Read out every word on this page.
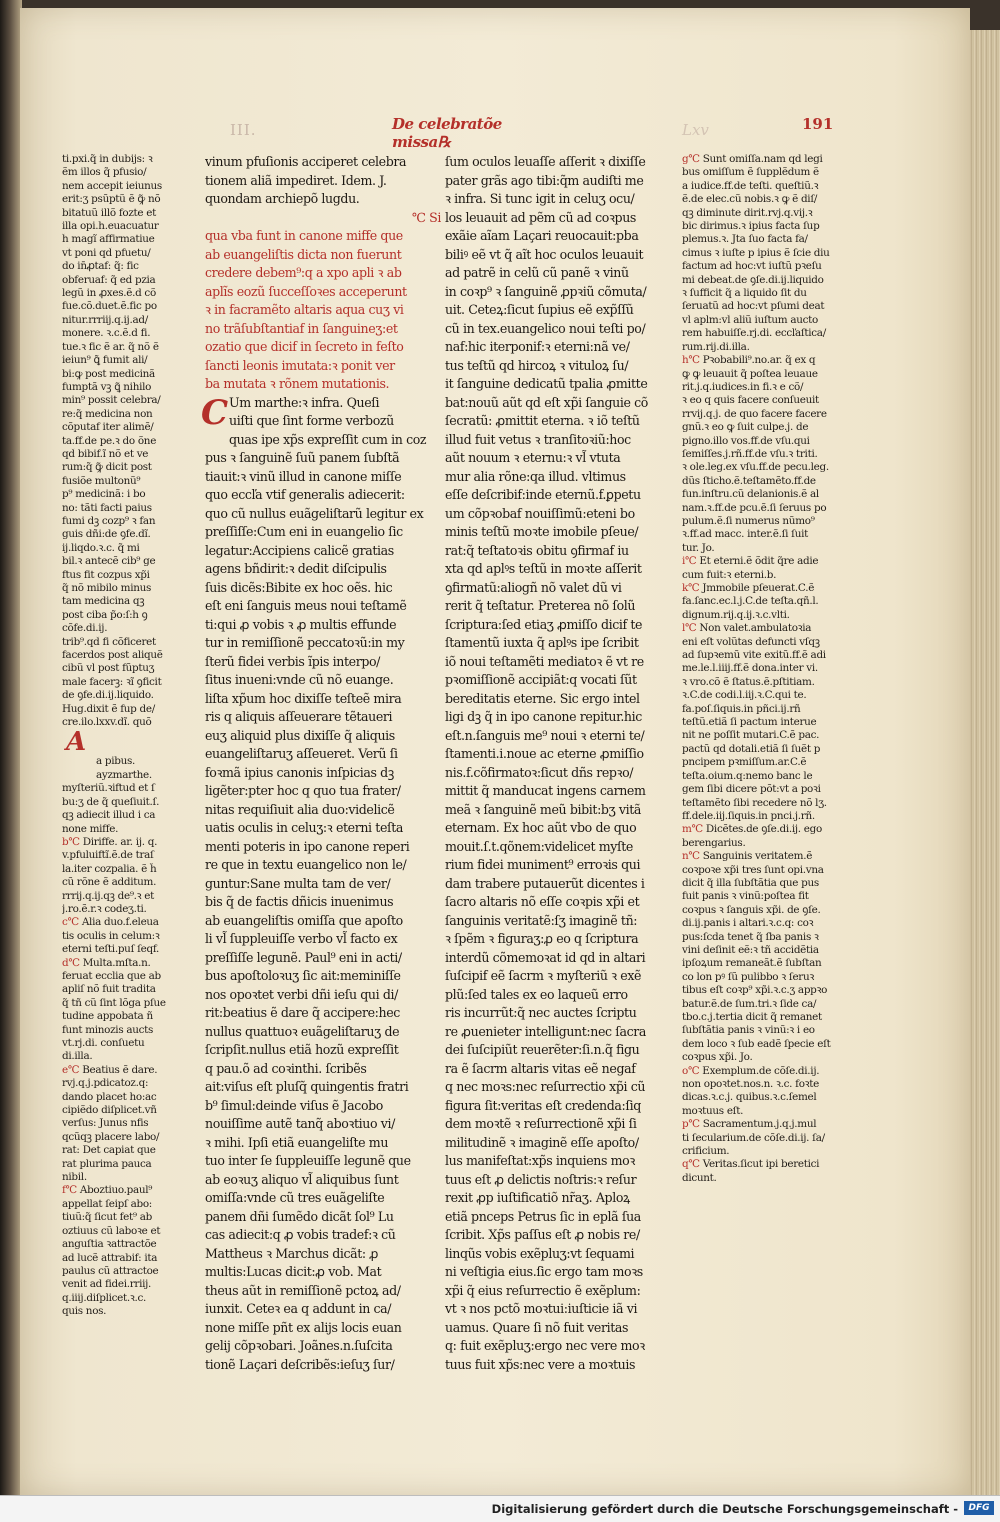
III.	De celebratõe missa℞
Lxv	191
ti.pxi.q̃ in dubijs: ꝛ
ẽm illos q̃ pfusio/
nem accepit ieiunus
erit:ʒ psũptũ ẽ ꝙ̃ nõ
bitatuũ illõ fozte et
illa opi.h.euacuatur
h̃ magĩ affirmatiue
vt̃ poni qd̃ pfuetu/
do in̄ꝓtaf: q̃: fic
obferuaf: q̃ ed̃ pzia
legũ in ꝓxes.ẽ.d cõ
fue.cõ.duet.ẽ.fic po
nitur.rrriij.q.ij.ad/
monere. ꝛ.c.ẽ.d fi.
tue.ꝛ fic ẽ ar. q̃ nõ ẽ
ieiun⁹ ꝗ̃ fumit ali/
bi:ꝙ post medicinã
fumptã vꝫ ꝗ̃ nihilo
min⁹ possit celebra/
re:q̃ medicina non
cõputaf iter alimẽ/
ta.ff.de pe.ꝛ do õne
qd̃ bibif.ĩ nõ et ve
rum:q̃ ꝙ̃ dicit post
fusiõe multonũ⁹
p⁹ medicinã: i bo
no: tãti facti paius
fumi dꝫ cozp⁹ ꝛ fan
guis dñi:de ꝯfe.dĩ.
ij.liqdo.ꝛ.c. q̃ mi
bil.ꝛ antecẽ cib⁹ ge
ftus fit cozpus xp̃i
q̃ nõ mibilo minus
tam medicina qꝫ
post ciba p̃o:ſ:h̃ ꝯ
cõfe.di.ij.
trib⁹.qd̃ fi cõficeret
facerdos post aliquẽ
cibũ vl̃ post fũptuʒ
male facerꝫ: ꝛĩ ꝯficit
de ꝯfe.di.ij.liquido.
Hug.dixit ẽ fup de/
cre.ilo.lxxv.dĩ. quõ
A
a pibus.
ayzmarthe.
myſteriũ.ꝛiftud et ſ
bu:ʒ de q̃ queſiuit.ſ.
qꝫ adiecit illud i ca
none miffe.
b℃ Diriffe. ar. ij. q.
v.pfuluiftĩ.ẽ.de traſ
la.iter cozpalia. ẽ ĥ
cũ rõne ẽ additum.
rrrij.q.ij.qꝫ de⁹.ꝛ et
j.ro.ẽ.r.ꝛ codeʒ.ti.
c℃ Alia duo.f.eleua
tis oculis in celum:ꝛ
eterni teſti.puſ ſeqf.
d℃ Multa.mſta.n.
feruat ecclia que ab
apliſ nõ fuit tradita
q̃ tñ cũ ſint lõga pſue
tudine appobata ñ
funt minozis aucts
vt.rj.di. conſuetu
di.illa.
e℃ Beatius ẽ dare.
rvj.q.j.pdicatoz.q:
dando placet ho:ac
cipiẽdo diſplicet.vñ
verſus: Junus nfis
qcũqꝫ placere labo/
rat: Det capiat que
rat plurima pauca
nibil.
f℃ Aboztiuo.paul⁹
appellat ſeipſ abo:
tiuũ:q̃ ſicut fet⁹ ab
oztiuus cũ laboꝛe et
anguſtia ꝛattractõe
ad lucẽ attrabif: ita
paulus cũ attractoe
venit ad fidei.rriij.
q.iiij.diſplicet.ꝛ.c.
quis nos.
vinum pfuſionis acciperet celebra
tionem aliã impediret. Idem. J.
quondam archiepõ lugdu.
℃ Si
qua vba funt in canone miffe que
ab euangeliſtis dicta non fuerunt
credere debem⁹:q a xpo apli ꝛ ab
aplĩs eozũ ſucceſſoꝛes acceperunt
ꝛ in facramẽto altaris aqua cuʒ vi
no trãſubſtantiaf in ſanguineʒ:et
ozatio que dicif in ſecreto in feſto
ſancti leonis imutata:ꝛ ponit ver
ba mutata ꝛ rõnem mutationis.
C Um marthe:ꝛ infra. Queſi
uiſti que ſint forme verbozũ
quas ipe xp̃s expreſſit cum in coz
pus ꝛ ſanguinẽ ſuũ panem ſubſtã
tiauit:ꝛ vinũ illud in canone miſſe
quo eccľa vtif generalis adiecerit:
quo cũ nullus euãgeliſtarũ legitur ex
preſſiſſe:Cum eni in euangelio ſic
legatur:Accipiens calicẽ gratias
agens bñdirit:ꝛ dedit diſcipulis
ſuis dicẽs:Bibite ex hoc oẽs. hic
eſt eni ſanguis meus noui teſtamẽ
ti:qui ꝓ vobis ꝛ ꝓ multis effunde
tur in remiſſionẽ peccatoꝛũ:in my
ſterũ fidei verbis ĩpis interpo/
ſitus inueni:vnde cũ nõ euange.
liſta xp̃um hoc dixiſſe teſteẽ mira
ris q aliquis aſſeuerare tẽtaueri
euʒ aliquid plus dixiſſe q̃ aliquis
euangeliſtaruʒ aſſeueret. Verũ ſi
foꝛmã ipius canonis inſpicias dꝫ
ligẽter:pter hoc q quo tua frater/
nitas requiſiuit alia duo:videlicẽ
uatis oculis in celuʒ:ꝛ eterni teſta
menti poteris in ipo canone reperi
re que in textu euangelico non le/
guntur:Sane multa tam de ver/
bis q̃ de factis dñicis inuenimus
ab euangeliſtis omiſſa que apoſto
li vl̃ ſuppleuiſſe verbo vl̃ facto ex
preſſiſſe legunẽ. Paul⁹ eni in acti/
bus apoſtoloꝛuʒ ſic ait:meminiſſe
nos opoꝛtet verbi dñi ieſu qui di/
rit:beatius ẽ dare q̃ accipere:hec
nullus quattuoꝛ euãgeliſtaruʒ de
ſcripſit.nullus etiã hozũ expreſſit
q pau.õ ad coꝛinthi. ſcribẽs
ait:viſus eſt pluſq̃ quingentis fratri
b⁹ ſimul:deinde viſus ẽ Jacobo
nouiſſime autẽ tanq̃ aboꝛtiuo vi/
ꝛ mihi. Ipſi etiã euangeliſte mu
tuo inter ſe ſuppleuiſſe legunẽ que
ab eoꝛuʒ aliquo vl̃ aliquibus ſunt
omiſſa:vnde cũ tres euãgeliſte
panem dñi ſumẽdo dicãt ſol⁹ Lu
cas adiecit:q ꝓ vobis tradef:ꝛ cũ
Mattheus ꝛ Marchus dicãt: ꝓ
multis:Lucas dicit:ꝓ vob. Mat
theus aũt in remiſſionẽ pctoꝝ ad/
iunxit. Ceteꝛ ea q addunt in ca/
none miſſe pñt ex alijs locis euan
gelij cõpꝛobari. Joãnes.n.ſuſcita
tionẽ Laçari deſcribẽs:ieſuʒ ſur/
ſum oculos leuaſſe aſſerit ꝛ dixiſſe
pater grãs ago tibi:q̃m audiſti me
ꝛ infra. Si tunc igit in celuʒ ocu/
los leuauit ad pẽm cũ ad coꝛpus
exãie aĩam Laçari reuocauit:pba
biliꝰ eẽ vt q̃ aĩt hoc oculos leuauit
ad patrẽ in celũ cũ panẽ ꝛ vinũ
in coꝛp⁹ ꝛ ſanguinẽ ꝓpꝛiũ cõmuta/
uit. Ceteꝝ:ſicut ſupius eẽ exp̃ſſũ
cũ in tex.euangelico noui teſti po/
naf:hic iterponif:ꝛ eterni:nã ve/
tus teſtũ qd hircoꝝ ꝛ vituloꝝ ſu/
it ſanguine dedicatũ tpalia ꝓmitte
bat:nouũ aũt qd eſt xp̃i ſanguie cõ
ſecratũ: ꝓmittit eterna. ꝛ iõ teſtũ
illud fuit vetus ꝛ tranſitoꝛiũ:hoc
aũt nouum ꝛ eternu:ꝛ vl̃ vtuta
mur alia rõne:qa illud. vltimus
eſſe deſcribif:inde eternũ.f.ꝑpetu
um cõpꝛobaf nouiſſimũ:eteni bo
minis teſtũ moꝛte imobile pſeue/
rat:q̃ teſtatoꝛis obitu ꝯfirmaf iu
xta qd aplꝰs teſtũ in moꝛte aſſerit
ꝯfirmatũ:aliogñ nõ valet dũ vi
rerit q̃ teſtatur. Preterea nõ ſolũ
ſcriptura:ſed etiaʒ ꝓmiſſo dicif te
ſtamentũ iuxta q̃ aplꝰs ipe ſcribit
iõ noui teſtamẽti mediatoꝛ ẽ vt re
pꝛomiſſionẽ accipiãt:q vocati ſũt
bereditatis eterne. Sic ergo intel
ligi dꝫ q̃ in ipo canone repitur.hic
eſt.n.ſanguis me⁹ noui ꝛ eterni te/
ſtamenti.i.noue ac eterne ꝓmiſſio
nis.f.cõfirmatoꝛ:ſicut dñs repꝛo/
mittit q̃ manducat ingens carnem
meã ꝛ ſanguinẽ meũ bibit:bʒ vitã
eternam. Ex hoc aũt vbo de quo
mouit.ſ.t.qõnem:videlicet myſte
rium fidei muniment⁹ erroꝛis qui
dam trabere putauerũt dicentes i
ſacro altaris nõ eſſe coꝛpis xp̃i et
ſanguinis veritatẽ:ſʒ imaginẽ tñ:
ꝛ ſpẽm ꝛ figuraʒ:ꝓ eo q ſcriptura
interdũ cõmemoꝛat id qd in altari
ſuſcipif eẽ ſacrm ꝛ myſteriũ ꝛ exẽ
plũ:ſed tales ex eo laqueũ erro
ris incurrũt:q̃ nec auctes ſcriptu
re ꝓuenieter intelligunt:nec ſacra
dei ſuſcipiũt reuerẽter:ſi.n.q̃ figu
ra ẽ ſacrm altaris vitas eẽ negaf
q nec moꝛs:nec reſurrectio xp̃i cũ
figura ſit:veritas eſt credenda:ſiq
dem moꝛtẽ ꝛ reſurrectionẽ xp̃i ſi
militudinẽ ꝛ imaginẽ eſſe apoſto/
lus manifeſtat:xp̃s inquiens moꝛ
tuus eſt ꝓ delictis noſtris:ꝛ reſur
rexit ꝓp iuſtificatiõ nr̃aʒ. Aploꝝ
etiã pnceps Petrus ſic in eplã ſua
ſcribit. Xp̃s paſſus eſt ꝓ nobis re/
linqũs vobis exẽpluʒ:vt ſequami
ni veſtigia eius.ſic ergo tam moꝛs
xp̃i q̃ eius reſurrectio ẽ exẽplum:
vt ꝛ nos pctõ moꝛtui:iuſticie iã vi
uamus. Quare ſi nõ fuit veritas
q: fuit exẽpluʒ:ergo nec vere moꝛ
tuus fuit xp̃s:nec vere a moꝛtuis
g℃ Sunt omiſſa.nam qd legi
bus omiſſum ẽ ſupplẽdum ẽ
a iudice.ff.de teſti. queſtiũ.ꝛ
ẽ.de elec.cũ nobis.ꝛ ꝙ ẽ diſ/
qꝫ diminute dirit.rvj.q.vij.ꝛ
bic dirimus.ꝛ ipius facta ſup
plemus.ꝛ. Jta ſuo facta fa/
cimus ꝛ iuſte p ipius ẽ ſcie diu
factum ad hoc:vt iuſtũ pꝛeſu
mi debeat.de ꝯſe.di.ij.liquido
ꝛ ſufficit q̃ a liquido ſit du
ſeruatũ ad hoc:vt pſumi deat
vl̃ aplm:vl̃ aliũ iuſtum aucto
rem habuiſſe.rj.di. eccľaſtica/
rum.rij.di.illa.
h℃ Pꝛobabili⁹.no.ar. q̃ ex q
ꝙ ꝙ leuauit q̃ poſtea leuaue
rit.j.q.iudices.in fi.ꝛ e cõ/
ꝛ eo q quis facere conſueuit
rrvij.q.j. de quo facere facere
gnũ.ꝛ eo ꝙ ſuit culpe.j. de
pigno.illo vos.ff.de vſu.qui
ſemiſſes.j.rñ.ff.de vſu.ꝛ triti.
ꝛ ole.leg.ex vſu.ff.de pecu.leg.
dũs ſticho.ẽ.teſtamẽto.ff.de
fun.inſtru.cũ delanionis.ẽ al
nam.ꝛ.ff.de pcu.ẽ.ſi ſeruus po
pulum.ẽ.ſi numerus nũmo⁹
ꝛ.ff.ad macc. inter.ẽ.ſi ſuit
tur. Jo.
i℃ Et eterni.ẽ õdit q̃re adie
cum fuit:ꝛ eterni.b.
k℃ Jmmobile pſeuerat.C.ẽ
fa.ſanc.ec.l.j.C.de teſta.qñ.l.
dignum.rij.q.ij.ꝛ.c.vlti.
l℃ Non valet.ambulatoꝛia
eni eſt volũtas defuncti vſqꝫ
ad ſupꝛemũ vite exitũ.ff.ẽ adi
me.le.l.iiij.ff.ẽ dona.inter vi.
ꝛ vro.cõ ẽ ſtatus.ẽ.pſtitiam.
ꝛ.C.de codi.l.iij.ꝛ.C.qui te.
fa.poſ.ſiquis.in pñci.ij.rñ
teſtũ.etiã ſi pactum interue
nit ne poſſit mutari.C.ẽ pac.
pactũ qd dotali.etiã ſi ſuẽt p
pncipem pꝛmiſſum.ar.C.ẽ
teſta.oium.q:nemo banc le
gem ſibi dicere põt:vt a poꝛi
teſtamẽto ſibi recedere nõ lʒ.
ff.dele.iij.ſiquis.in pnci.j.rñ.
m℃ Dicẽtes.de ꝯſe.di.ij. ego
berengarius.
n℃ Sanguinis veritatem.ẽ
coꝛpoꝛe xp̃i tres ſunt opi.vna
dicit q̃ illa ſubſtãtia que pus
fuit panis ꝛ vinũ:poſtea fit
coꝛpus ꝛ ſanguis xp̃i. de ꝯſe.
di.ij.panis i altari.ꝛ.c.q: coꝛ
pus:ſcda tenet q̃ ſba panis ꝛ
vini deſinit eẽ:ꝛ tñ accidẽtia
ipſoꝝum remaneãt.ẽ ſubſtan
co lon pꝰ ſũ pulibbo ꝛ ſeruꝛ
tibus eſt coꝛp⁹ xp̃i.ꝛ.c.ʒ appꝛo
batur.ẽ.de ſum.tri.ꝛ ſide ca/
tbo.c.j.tertia dicit q̃ remanet
ſubſtãtia panis ꝛ vinũ:ꝛ i eo
dem loco ꝛ ſub eadẽ ſpecie eſt
coꝛpus xp̃i. Jo.
o℃ Exemplum.de cõſe.di.ij.
non opoꝛtet.nos.n. ꝛ.c. foꝛte
dicas.ꝛ.c.j. quibus.ꝛ.c.ſemel
moꝛtuus eſt.
p℃ Sacramentum.j.q.j.mul
ti ſecularium.de cõſe.di.ij. ſa/
crificium.
q℃ Veritas.ſicut ipi beretici
dicunt.
Digitalisierung gefördert durch die Deutsche Forschungsgemeinschaft -	DFG
